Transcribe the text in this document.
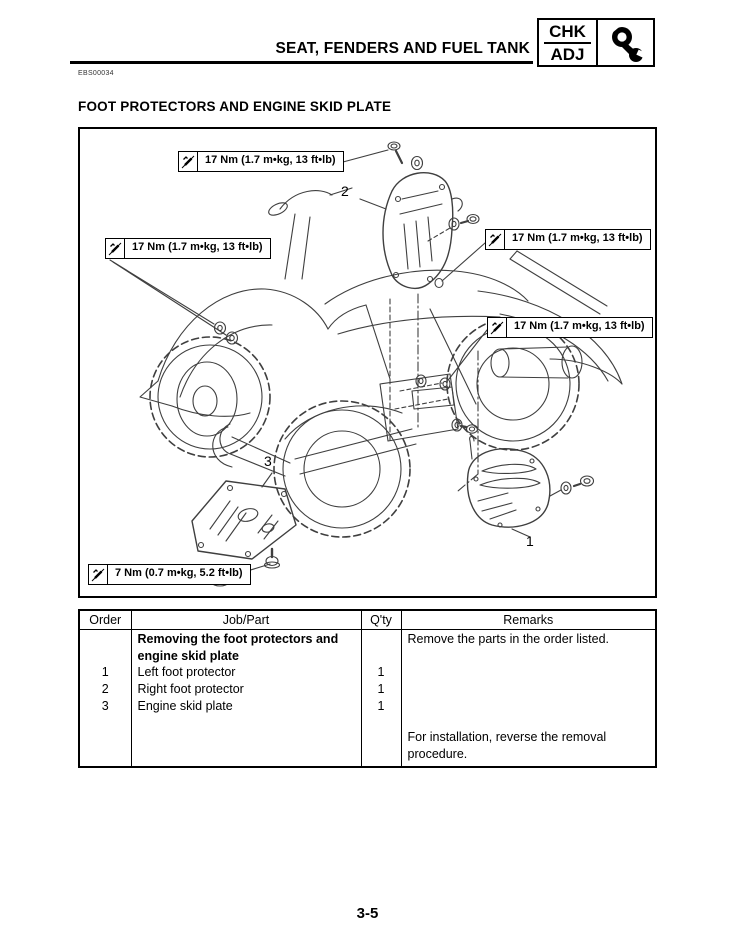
SEAT, FENDERS AND FUEL TANK
CHK
ADJ
EBS00034
FOOT PROTECTORS AND ENGINE SKID PLATE
17 Nm (1.7 m•kg, 13 ft•lb)
17 Nm (1.7 m•kg, 13 ft•lb)
17 Nm (1.7 m•kg, 13 ft•lb)
17 Nm (1.7 m•kg, 13 ft•lb)
7 Nm (0.7 m•kg, 5.2 ft•lb)
2
3
1
Order	Job/Part	Q'ty	Remarks
	Removing the foot protectors and engine skid plate		Remove the parts in the order listed.
1	Left foot protector	1	
2	Right foot protector	1	
3	Engine skid plate	1	
			For installation, reverse the removal procedure.
3-5
